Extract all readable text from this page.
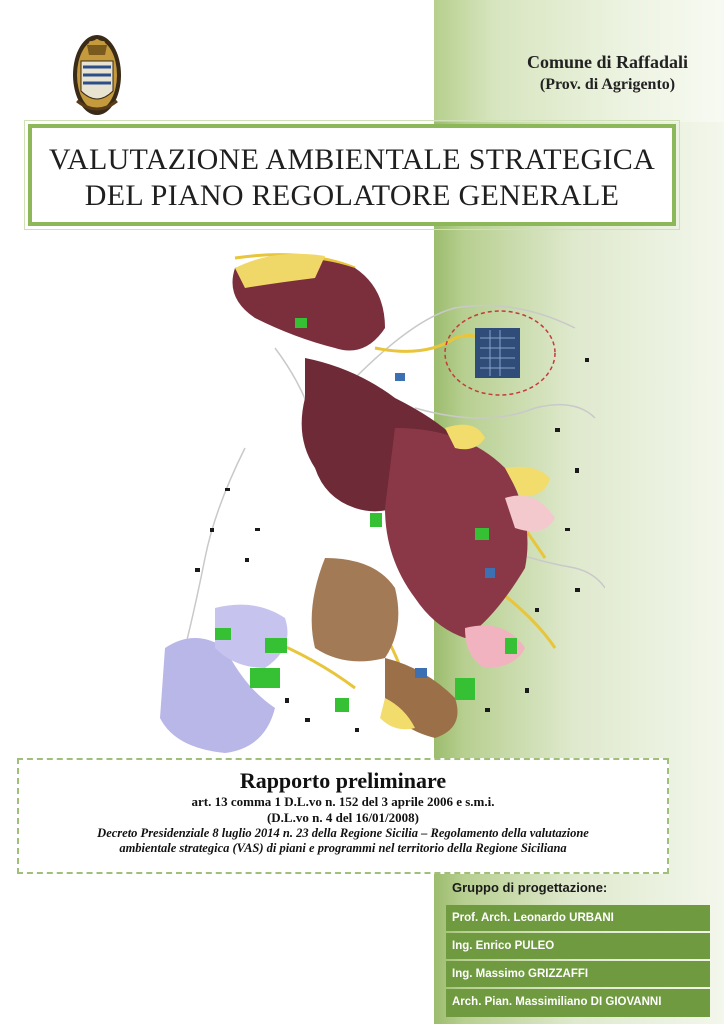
Comune di Raffadali
(Prov. di Agrigento)
VALUTAZIONE AMBIENTALE STRATEGICA
DEL PIANO REGOLATORE GENERALE
Rapporto preliminare
art. 13 comma 1 D.L.vo n. 152 del 3 aprile 2006 e s.m.i.
(D.L.vo n. 4 del 16/01/2008)
Decreto Presidenziale 8 luglio 2014 n. 23 della Regione Sicilia – Regolamento della valutazione
ambientale strategica (VAS) di piani e programmi nel territorio della Regione Siciliana
Gruppo di progettazione:
Prof. Arch. Leonardo URBANI
Ing. Enrico PULEO
Ing. Massimo GRIZZAFFI
Arch. Pian. Massimiliano DI GIOVANNI
